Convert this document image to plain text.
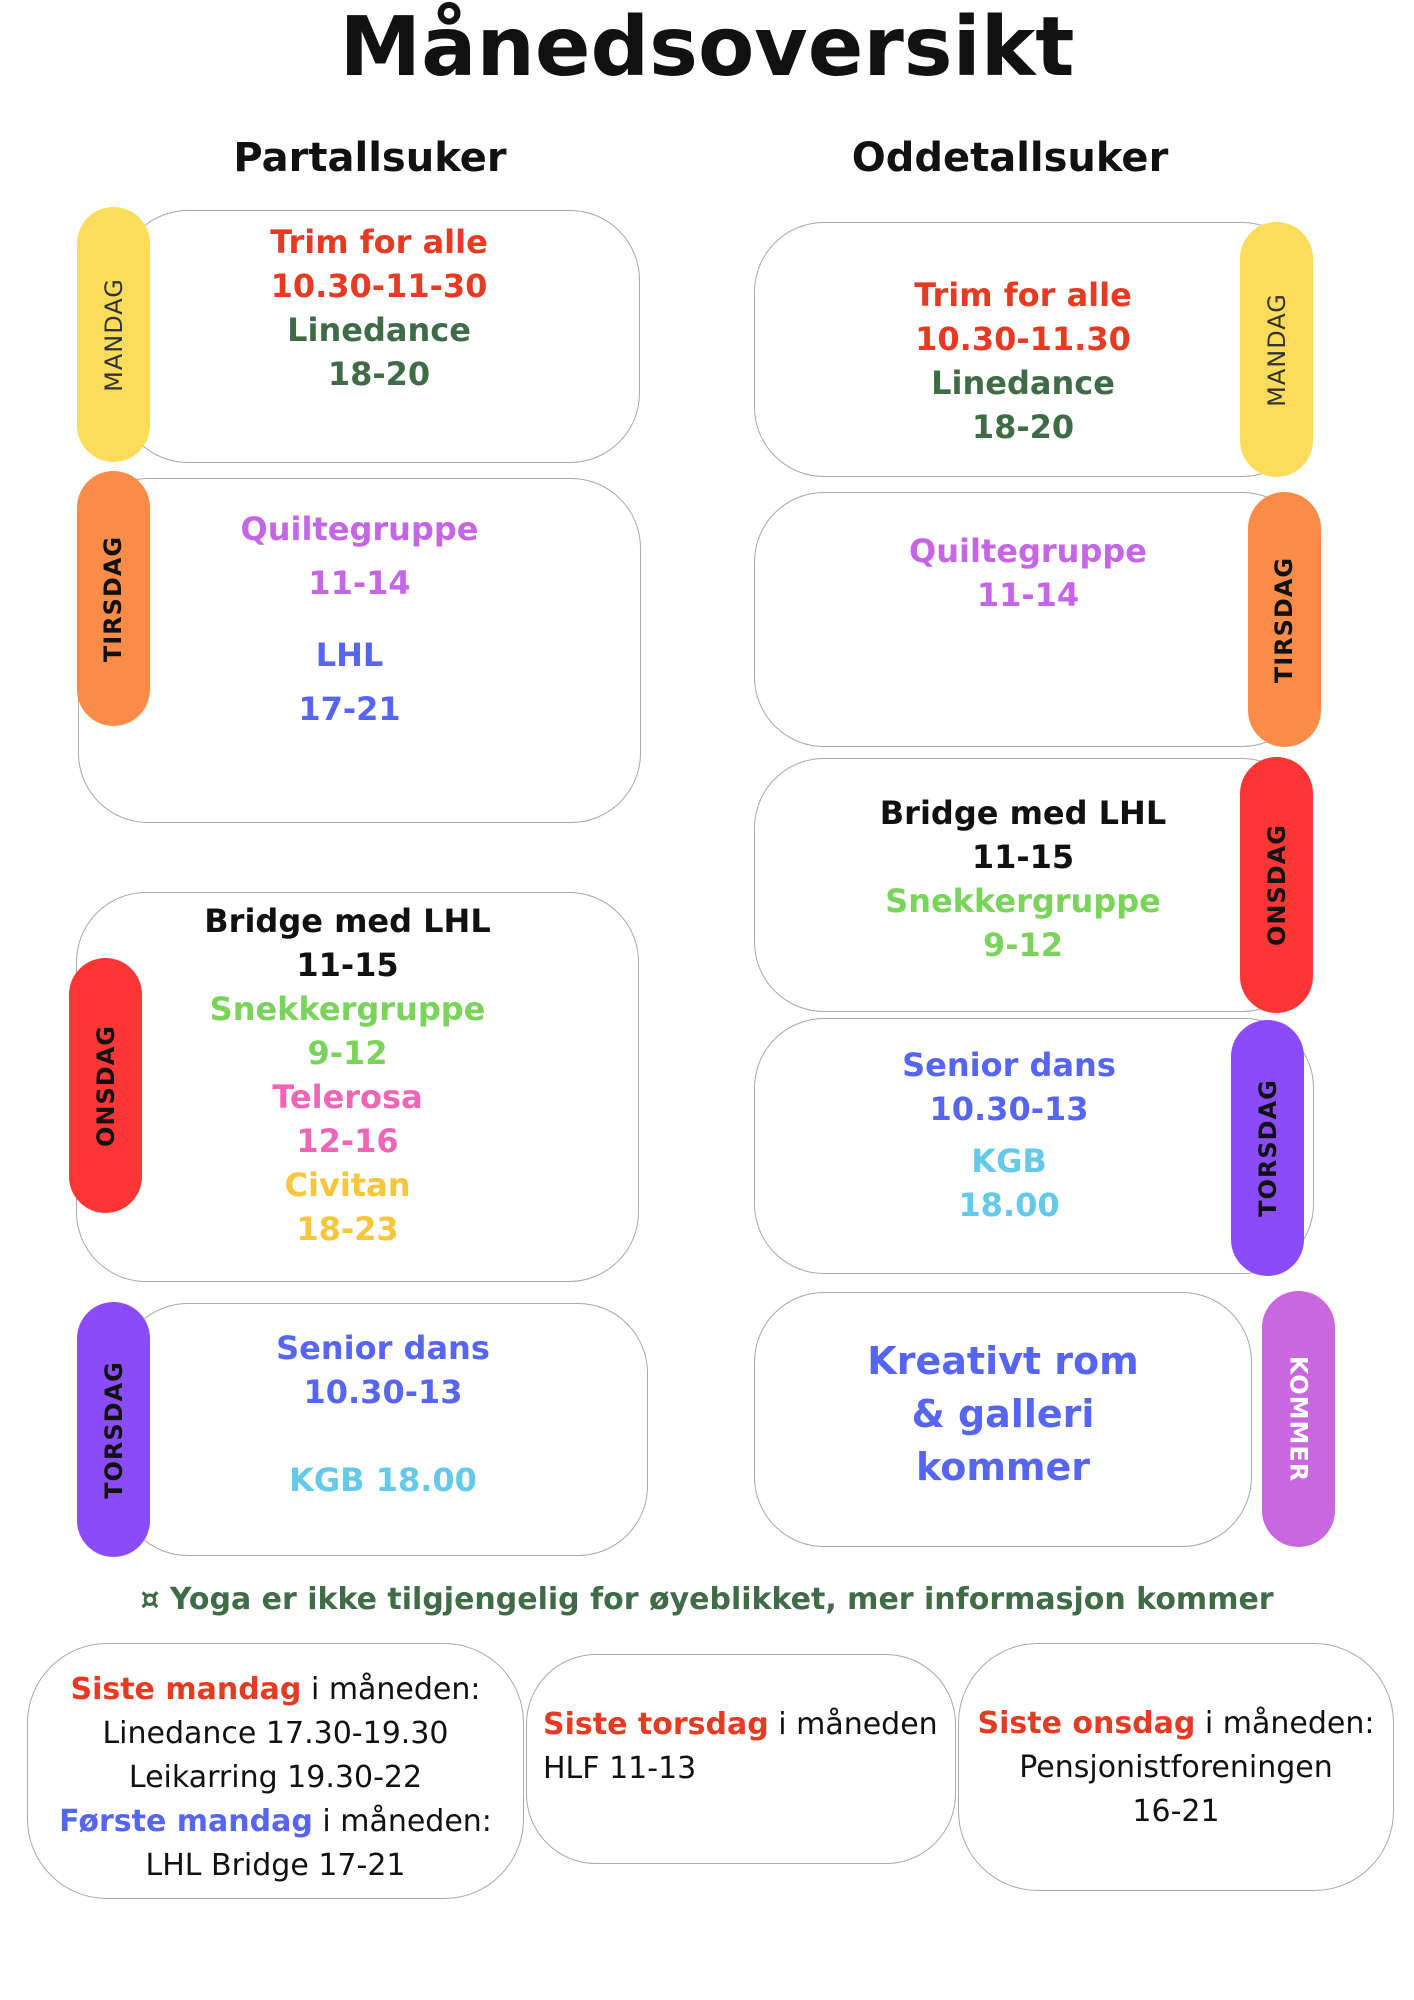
Månedsoversikt
Partallsuker	Oddetallsuker
Trim for alle
10.30-11-30
Linedance
18-20
MANDAG
Quiltegruppe
11-14
LHL
17-21
TIRSDAG
Bridge med LHL
11-15
Snekkergruppe
9-12
Telerosa
12-16
Civitan
18-23
ONSDAG
Senior dans
10.30-13
KGB 18.00
TORSDAG
Trim for alle
10.30-11.30
Linedance
18-20
MANDAG
Quiltegruppe
11-14	TIRSDAG
Bridge med LHL
11-15
Snekkergruppe
9-12	ONSDAG
Senior dans
10.30-13
KGB
18.00	TORSDAG
Kreativt rom
& galleri
kommer	KOMMER
¤ Yoga er ikke tilgjengelig for øyeblikket, mer informasjon kommer
Siste mandag i måneden:
Linedance 17.30-19.30
Leikarring 19.30-22
Første mandag i måneden:
LHL Bridge 17-21
Siste torsdag i måneden
HLF 11-13
Siste onsdag i måneden:
Pensjonistforeningen
16-21
